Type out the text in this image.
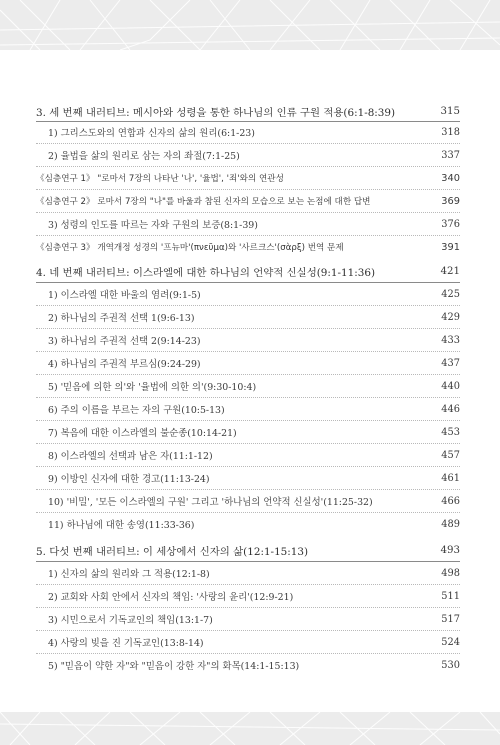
3. 세 번째 내러티브: 메시아와 성령을 통한 하나님의 인류 구원 적용(6:1-8:39)	315
1) 그리스도와의 연합과 신자의 삶의 원리(6:1-23)	318
2) 율법을 삶의 원리로 삼는 자의 좌절(7:1-25)	337
《심층연구 1》 "로마서 7장의 나타난 '나', '율법', '죄'와의 연관성	340
《심층연구 2》 로마서 7장의 "나"를 바울과 참된 신자의 모습으로 보는 논점에 대한 답변	369
3) 성령의 인도를 따르는 자와 구원의 보증(8:1-39)	376
《심층연구 3》 개역개정 성경의 '프뉴마'(πνεῦμα)와 '사르크스'(σὰρξ) 번역 문제	391
4. 네 번째 내러티브: 이스라엘에 대한 하나님의 언약적 신실성(9:1-11:36)	421
1) 이스라엘 대한 바울의 염려(9:1-5)	425
2) 하나님의 주권적 선택 1(9:6-13)	429
3) 하나님의 주권적 선택 2(9:14-23)	433
4) 하나님의 주권적 부르심(9:24-29)	437
5) '믿음에 의한 의'와 '율법에 의한 의'(9:30-10:4)	440
6) 주의 이름을 부르는 자의 구원(10:5-13)	446
7) 복음에 대한 이스라엘의 불순종(10:14-21)	453
8) 이스라엘의 선택과 남은 자(11:1-12)	457
9) 이방인 신자에 대한 경고(11:13-24)	461
10) '비밀', '모든 이스라엘의 구원' 그리고 '하나님의 언약적 신실성'(11:25-32)	466
11) 하나님에 대한 송영(11:33-36)	489
5. 다섯 번째 내러티브: 이 세상에서 신자의 삶(12:1-15:13)	493
1) 신자의 삶의 원리와 그 적용(12:1-8)	498
2) 교회와 사회 안에서 신자의 책임: '사랑의 윤리'(12:9-21)	511
3) 시민으로서 기독교인의 책임(13:1-7)	517
4) 사랑의 빚을 진 기독교인(13:8-14)	524
5) "믿음이 약한 자"와 "믿음이 강한 자"의 화목(14:1-15:13)	530
